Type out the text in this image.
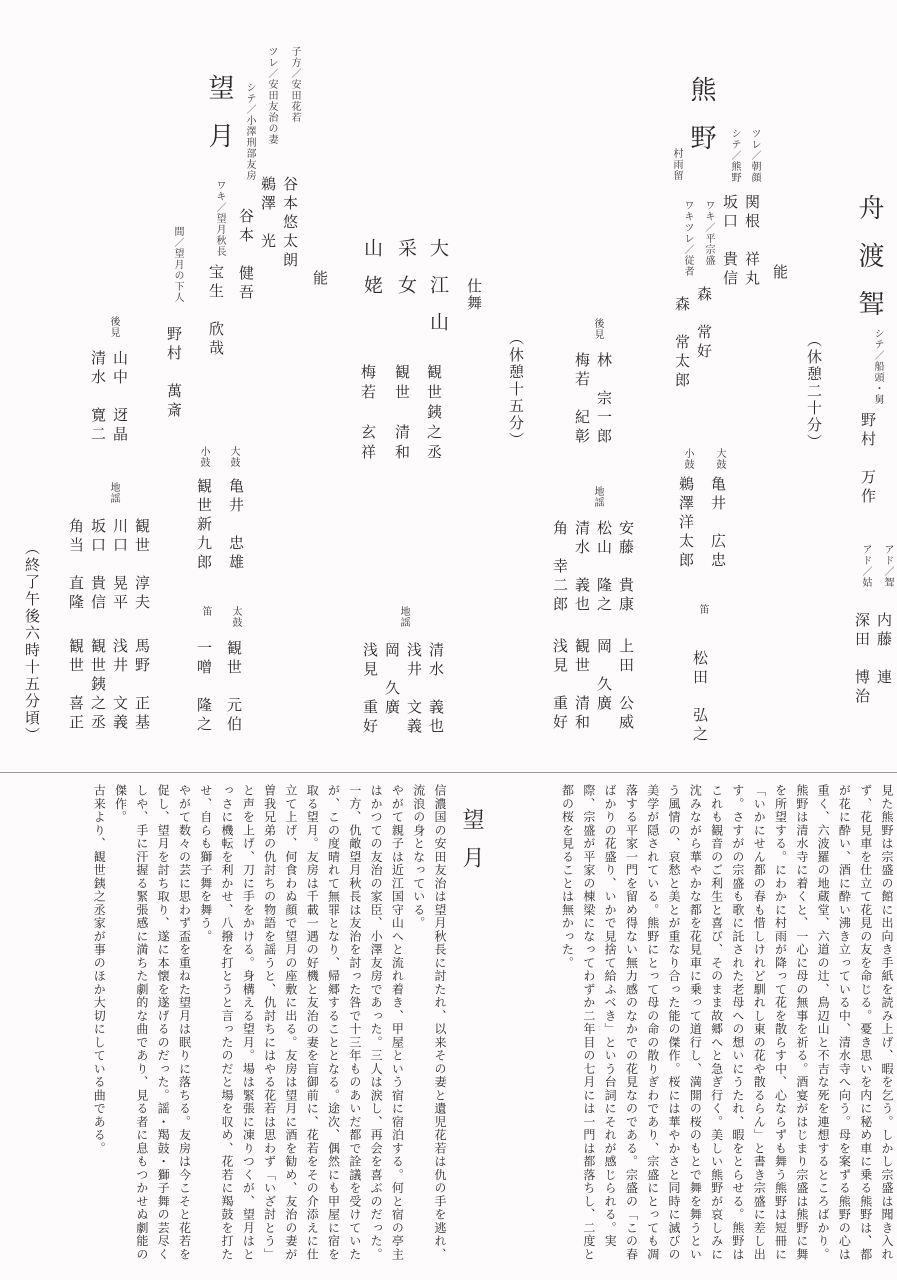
舟渡聟
シテ／船頭・舅
野村　万作
アド／聟
アド／姑
内藤　連
深田　博治
（休憩二十分）
熊野
村雨留
能
ツレ／朝顔
関根　祥丸
シテ／熊野
坂口　貴信
ワキ／平宗盛
森　常好
ワキツレ／従者
森　常太郎
大鼓
亀井　広忠
小鼓
鵜澤洋太郎
笛
松田　弘之
後見
林　宗一郎
梅若　紀彰
地謡
安藤　貴康
松山　隆之
清水　義也
角　幸二郎
上田　公威
岡　久廣
観世　清和
浅見　重好
仕舞
（休憩十五分）
大江山
観世銕之丞
采女
観世　清和
山姥
梅若　玄祥
地謡
清水　義也
浅井　文義
岡　久廣
浅見　重好
望月
能
子方／安田花若
谷本悠太朗
ツレ／安田友治の妻
鵜澤　光
シテ／小澤刑部友房
谷本　健吾
ワキ／望月秋長
宝生　欣哉
間／望月の下人
野村　萬斎
大鼓
亀井　忠雄
小鼓
観世新九郎
太鼓
観世　元伯
笛
一噌　隆之
後見
山中　迓晶
清水　寛二
地謡
観世　淳夫
川口　晃平
坂口　貴信
角当　直隆
馬野　正基
浅井　文義
観世銕之丞
観世　喜正
（終了午後六時十五分頃）
見た熊野は宗盛の館に出向き手紙を読み上げ、暇を乞う。しかし宗盛は聞き入れず、花見車を仕立て花見の友を命じる。憂き思いを内に秘め車に乗る熊野は、都が花に酔い、酒に酔い沸き立っている中、清水寺へ向う。母を案ずる熊野の心は重く、六波羅の地蔵堂、六道の辻、鳥辺山と不吉な死を連想するところばかり。熊野は清水寺に着くと、一心に母の無事を祈る。酒宴がはじまり宗盛は熊野に舞を所望する。にわかに村雨が降って花を散らす中、心ならずも舞う熊野は短冊に「いかにせん都の春も惜しけれど馴れし東の花や散るらん」と書き宗盛に差し出す。さすがの宗盛も歌に託された老母への想いにうたれ、暇をとらせる。熊野はこれも観音のご利生と喜び、そのまま故郷へと急ぎ行く。美しい熊野が哀しみに沈みながら華やかな都を花見車に乗って道行し、満開の桜のもとで舞を舞うという風情の、哀愁と美とが重なり合った能の傑作。桜には華やかさと同時に滅びの美学が隠されている。熊野にとって母の命の散りぎわであり、宗盛にとっても凋落する平家一門を留め得ない無力感のなかでの花見なのである。宗盛の「この春ばかりの花盛り、いかで見捨て給ふべき」という台詞にそれが感じられる。実際、宗盛が平家の棟梁になってわずか二年目の七月には一門は都落ちし、二度と都の桜を見ることは無かった。
望月
信濃国の安田友治は望月秋長に討たれ、以来その妻と遺児花若は仇の手を逃れ、流浪の身となっている。
やがて親子は近江国守山へと流れ着き、甲屋という宿に宿泊する。何と宿の亭主はかつての友治の家臣、小澤友房であった。三人は涙し、再会を喜ぶのだった。
一方、仇敵望月秋長は友治を討った咎で十三年ものあいだ都で詮議を受けていたが、この度晴れて無罪となり、帰郷することとなる。途次、偶然にも甲屋に宿を取る望月。友房は千載一遇の好機と友治の妻を盲御前に、花若をその介添えに仕立て上げ、何食わぬ顔で望月の座敷に出る。友房は望月に酒を勧め、友治の妻が曽我兄弟の仇討ちの物語を謡うと、仇討ちにはやる花若は思わず「いざ討とう」と声を上げ、刀に手をかける。身構える望月。場は緊張に凍りつくが、望月はとっさに機転を利かせ、八撥を打とうと言ったのだと場を収め、花若に羯鼓を打たせ、自らも獅子舞を舞う。
やがて数々の芸に思わず盃を重ねた望月は眠りに落ちる。友房は今こそと花若を促し、望月を討ち取り、遂に本懐を遂げるのだった。謡・羯鼓・獅子舞の芸尽くしや、手に汗握る緊張感に満ちた劇的な曲であり、見る者に息もつかせぬ劇能の傑作。
古来より、観世銕之丞家が事のほか大切にしている曲である。
